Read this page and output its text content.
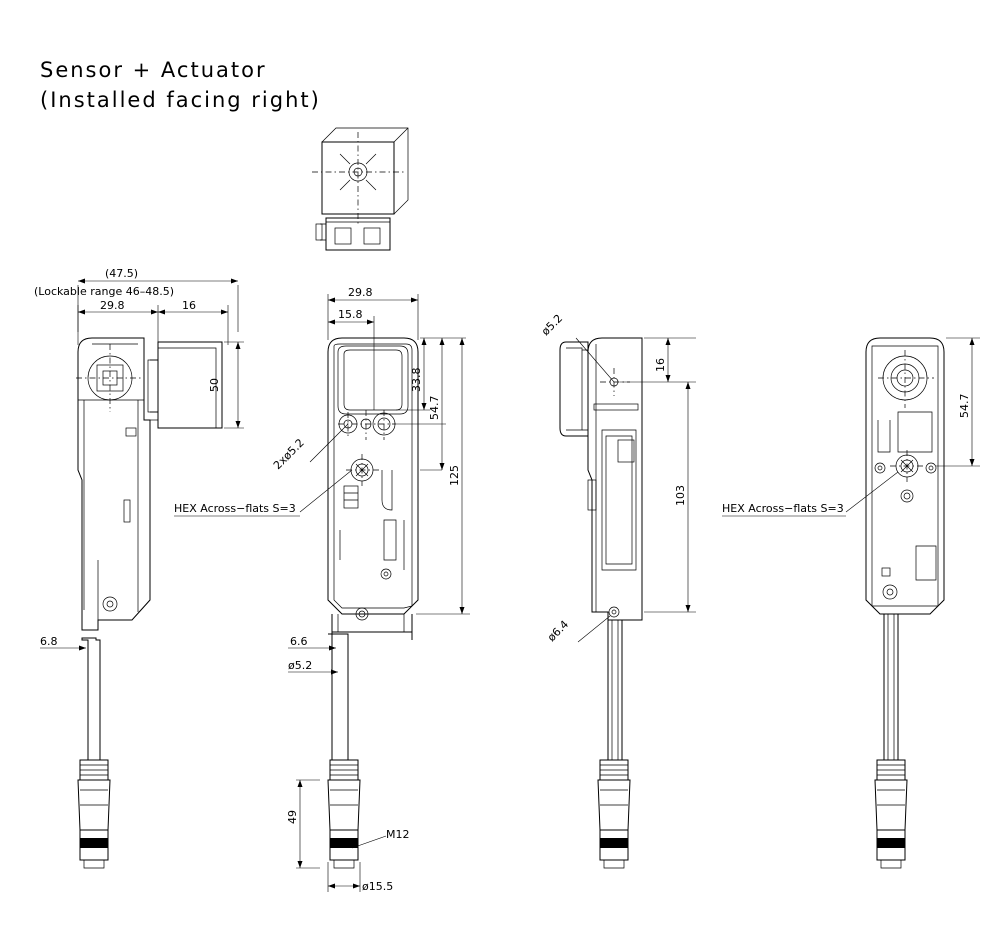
Sensor + Actuator
(Installed facing right)
(47.5)
(Lockable range 46–48.5)
29.8	16
50
6.8
29.8
15.8
2xø5.2
HEX Across−flats S=3
33.8
54.7
125
6.6
ø5.2
49
M12
ø15.5
ø5.2
ø6.4
16
103
HEX Across−flats S=3
54.7
